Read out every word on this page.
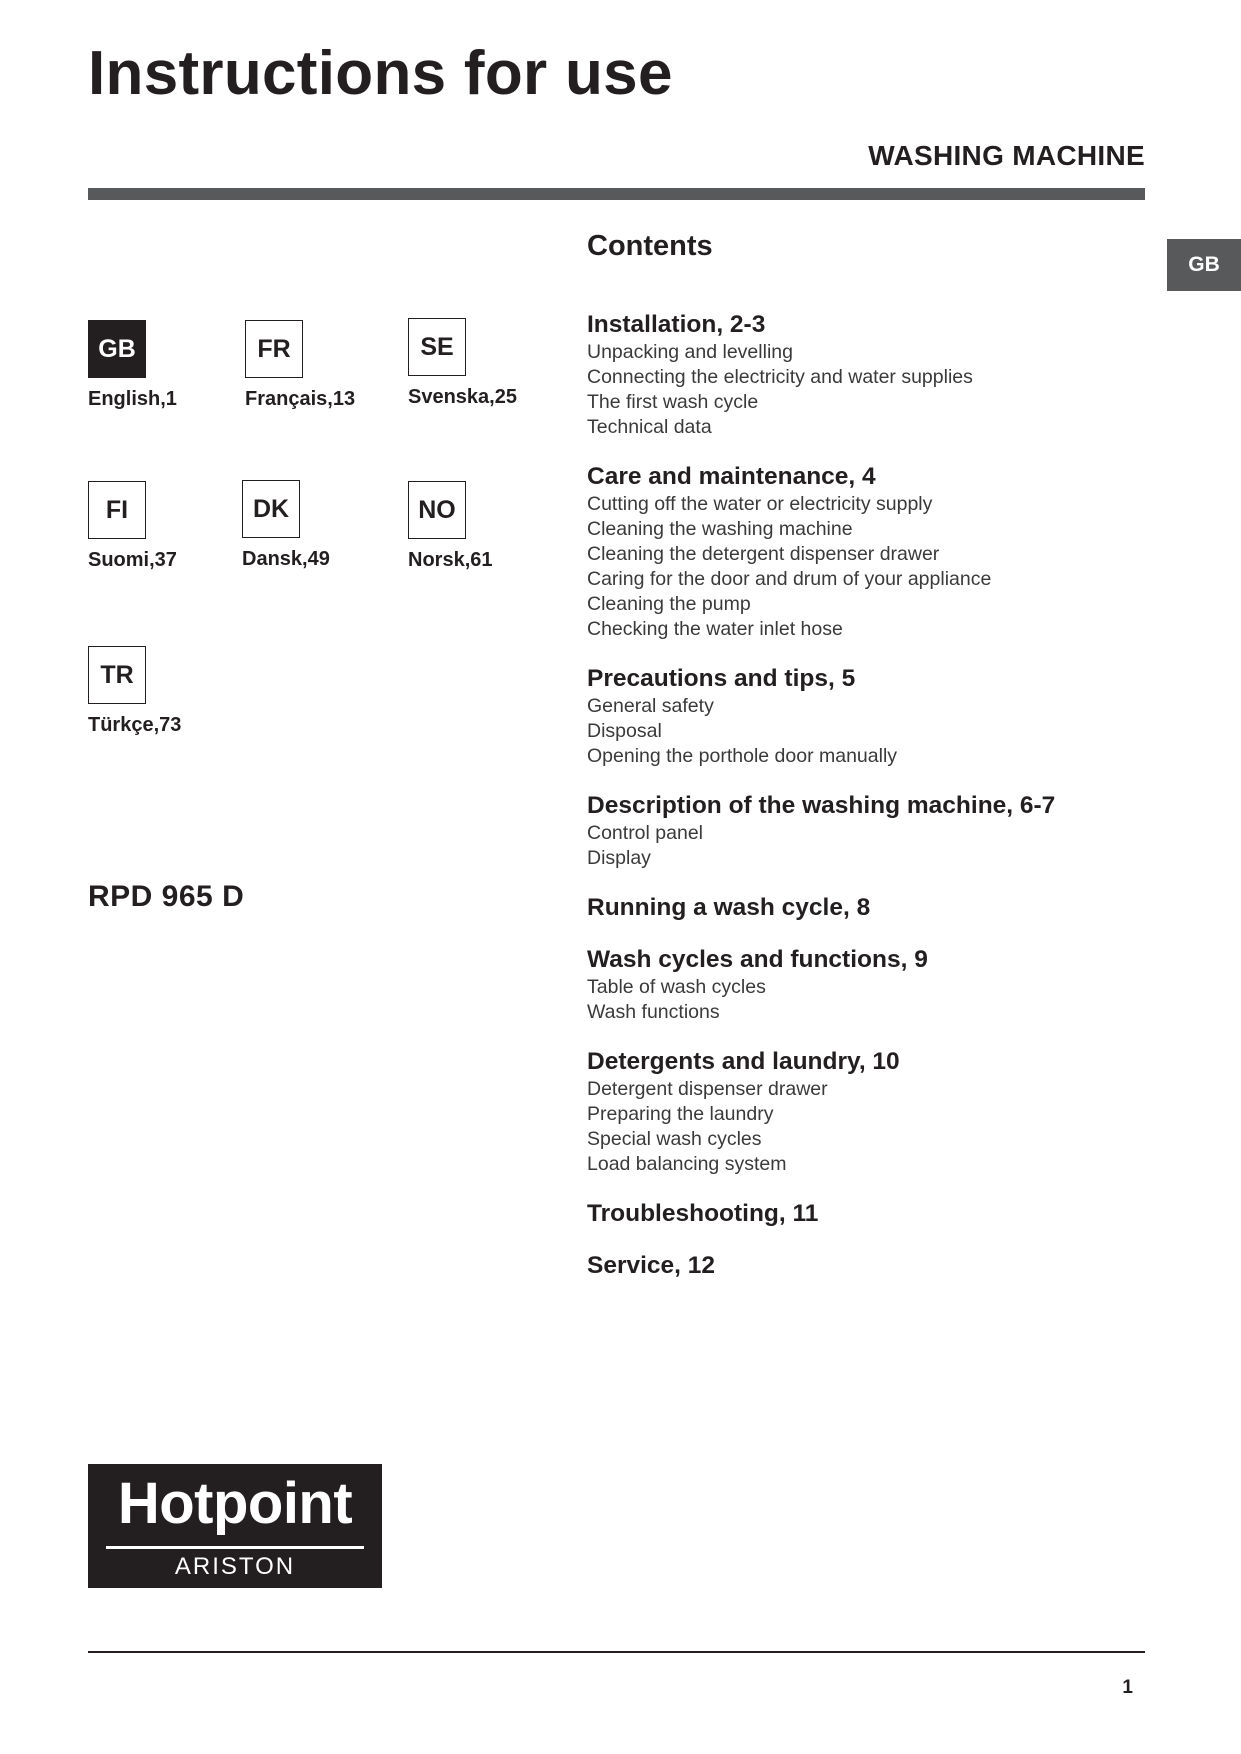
Instructions for use
WASHING MACHINE
GB
GB
English,1
FR
Français,13
SE
Svenska,25
FI
Suomi,37
DK
Dansk,49
NO
Norsk,61
TR
Türkçe,73
RPD 965 D
Contents
Installation, 2-3
Unpacking and levelling
Connecting the electricity and water supplies
The first wash cycle
Technical data
Care and maintenance, 4
Cutting off the water or electricity supply
Cleaning the washing machine
Cleaning the detergent dispenser drawer
Caring for the door and drum of your appliance
Cleaning the pump
Checking the water inlet hose
Precautions and tips, 5
General safety
Disposal
Opening the porthole door manually
Description of the washing machine, 6-7
Control panel
Display
Running a wash cycle, 8
Wash cycles and functions, 9
Table of wash cycles
Wash functions
Detergents and laundry, 10
Detergent dispenser drawer
Preparing the laundry
Special wash cycles
Load balancing system
Troubleshooting, 11
Service, 12
Hotpoint
ARISTON
1
